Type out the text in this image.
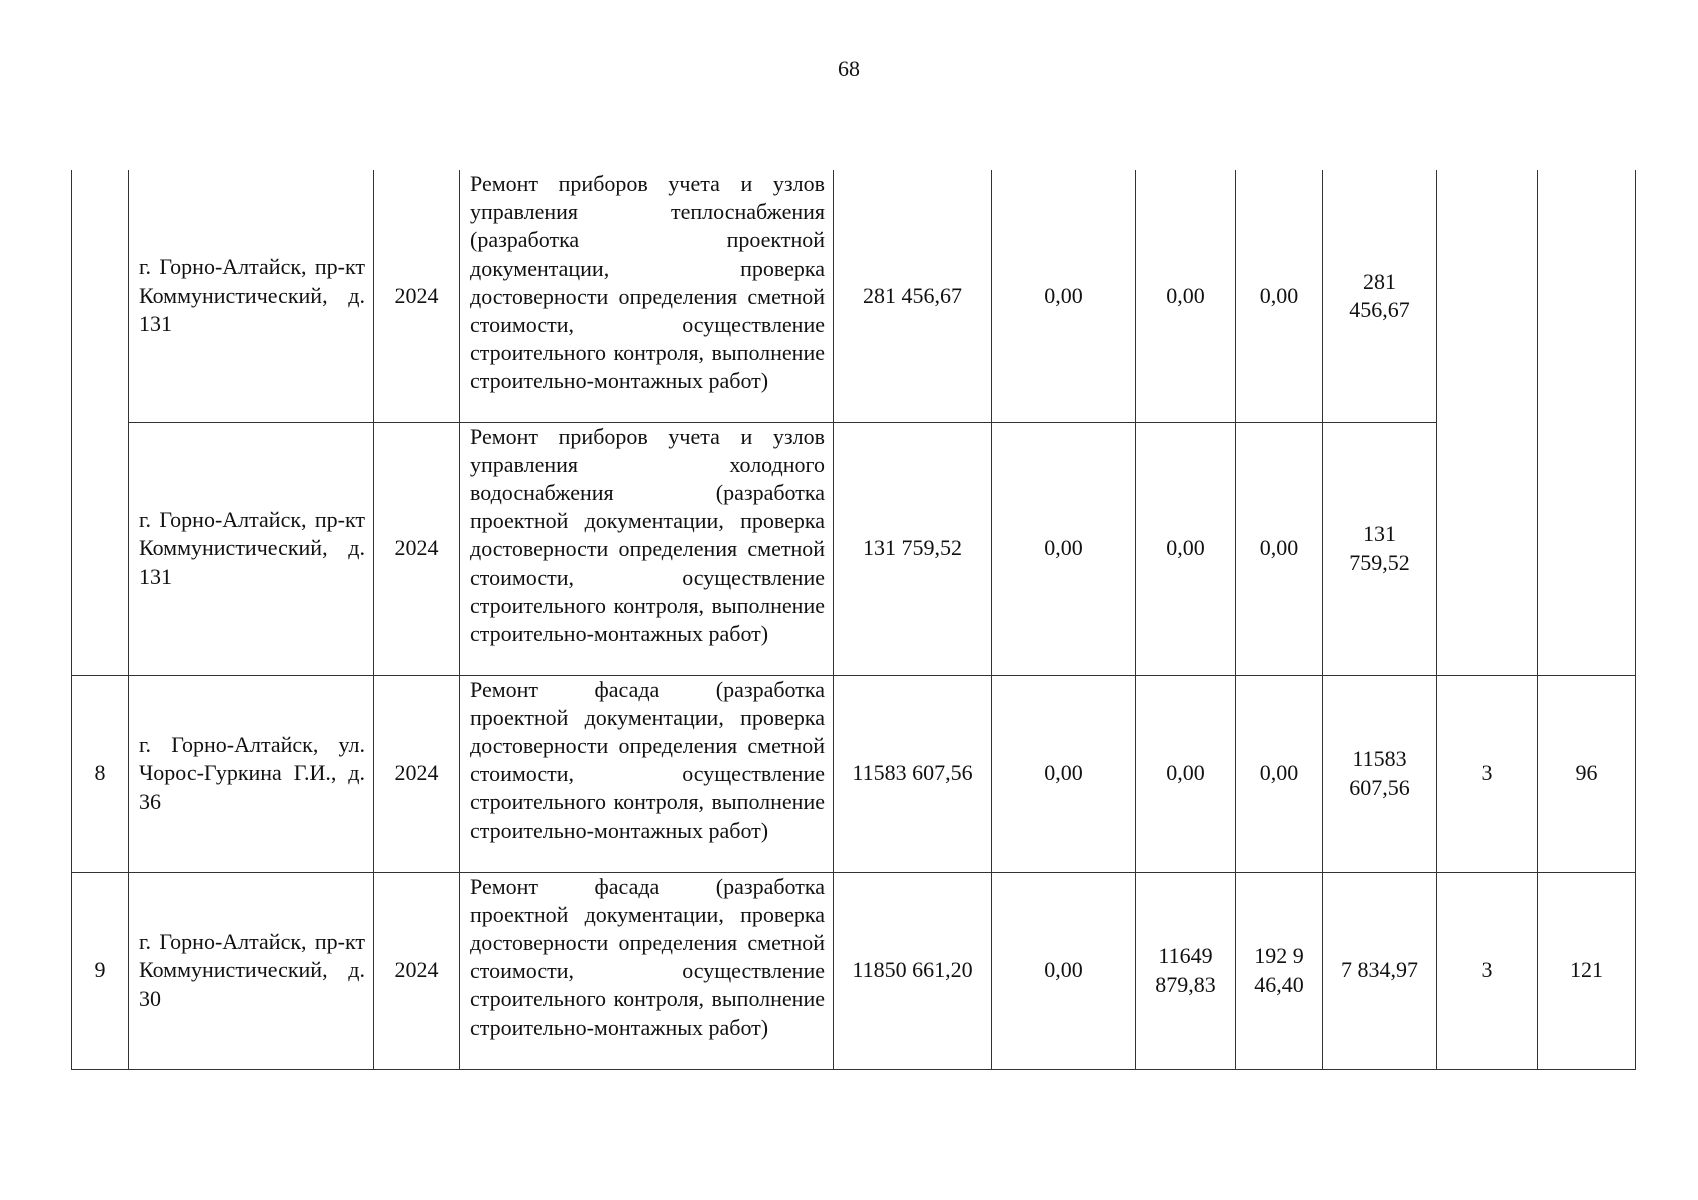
68
	г. Горно-Алтайск, пр-кт Коммунистический, д. 131	2024	Ремонт приборов учета и узлов управления теплоснабжения (разработка проектной документации, проверка достоверности определения сметной стоимости, осуществление строительного контроля, выполнение строительно-монтажных работ)	281 456,67	0,00	0,00	0,00	281 456,67		
	г. Горно-Алтайск, пр-кт Коммунистический, д. 131	2024	Ремонт приборов учета и узлов управления холодного водоснабжения (разработка проектной документации, проверка достоверности определения сметной стоимости, осуществление строительного контроля, выполнение строительно-монтажных работ)	131 759,52	0,00	0,00	0,00	131 759,52		
8	г. Горно-Алтайск, ул. Чорос-Гуркина Г.И., д. 36	2024	Ремонт фасада (разработка проектной документации, проверка достоверности определения сметной стоимости, осуществление строительного контроля, выполнение строительно-монтажных работ)	11583 607,56	0,00	0,00	0,00	11583 607,56	3	96
9	г. Горно-Алтайск, пр-кт Коммунистический, д. 30	2024	Ремонт фасада (разработка проектной документации, проверка достоверности определения сметной стоимости, осуществление строительного контроля, выполнение строительно-монтажных работ)	11850 661,20	0,00	11649 879,83	192 946,40	7 834,97	3	121
